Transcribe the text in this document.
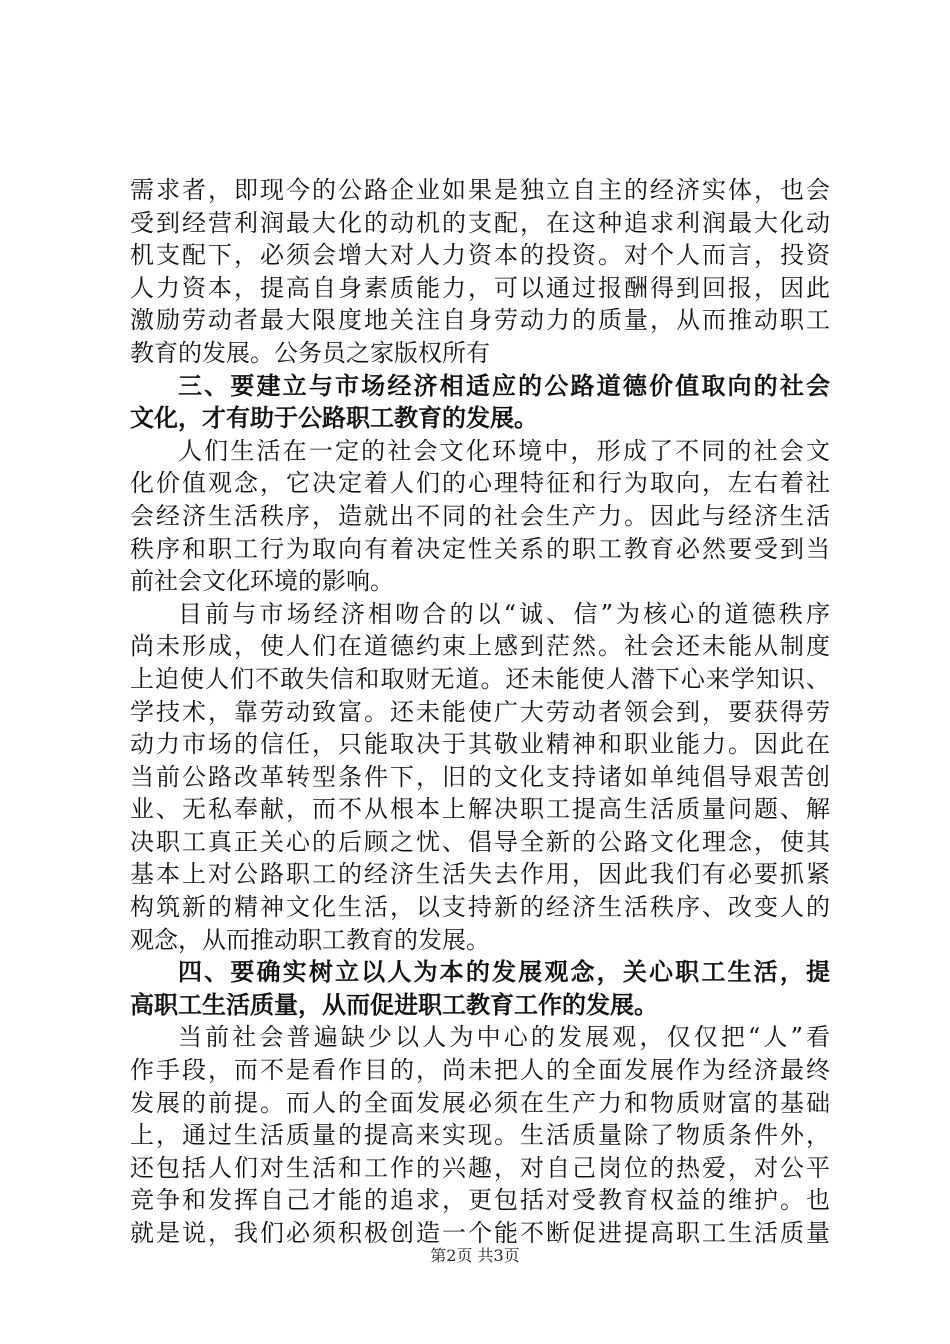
需求者，即现今的公路企业如果是独立自主的经济实体，也会
受到经营利润最大化的动机的支配，在这种追求利润最大化动
机支配下，必须会增大对人力资本的投资。对个人而言，投资
人力资本，提高自身素质能力，可以通过报酬得到回报，因此
激励劳动者最大限度地关注自身劳动力的质量，从而推动职工
教育的发展。公务员之家版权所有
三、要建立与市场经济相适应的公路道德价值取向的社会
文化，才有助于公路职工教育的发展。
人们生活在一定的社会文化环境中，形成了不同的社会文
化价值观念，它决定着人们的心理特征和行为取向，左右着社
会经济生活秩序，造就出不同的社会生产力。因此与经济生活
秩序和职工行为取向有着决定性关系的职工教育必然要受到当
前社会文化环境的影响。
目前与市场经济相吻合的以“诚、信”为核心的道德秩序
尚未形成，使人们在道德约束上感到茫然。社会还未能从制度
上迫使人们不敢失信和取财无道。还未能使人潜下心来学知识、
学技术，靠劳动致富。还未能使广大劳动者领会到，要获得劳
动力市场的信任，只能取决于其敬业精神和职业能力。因此在
当前公路改革转型条件下，旧的文化支持诸如单纯倡导艰苦创
业、无私奉献，而不从根本上解决职工提高生活质量问题、解
决职工真正关心的后顾之忧、倡导全新的公路文化理念，使其
基本上对公路职工的经济生活失去作用，因此我们有必要抓紧
构筑新的精神文化生活，以支持新的经济生活秩序、改变人的
观念，从而推动职工教育的发展。
四、要确实树立以人为本的发展观念，关心职工生活，提
高职工生活质量，从而促进职工教育工作的发展。
当前社会普遍缺少以人为中心的发展观，仅仅把“人”看
作手段，而不是看作目的，尚未把人的全面发展作为经济最终
发展的前提。而人的全面发展必须在生产力和物质财富的基础
上，通过生活质量的提高来实现。生活质量除了物质条件外，
还包括人们对生活和工作的兴趣，对自己岗位的热爱，对公平
竞争和发挥自己才能的追求，更包括对受教育权益的维护。也
就是说，我们必须积极创造一个能不断促进提高职工生活质量
第2页 共3页
